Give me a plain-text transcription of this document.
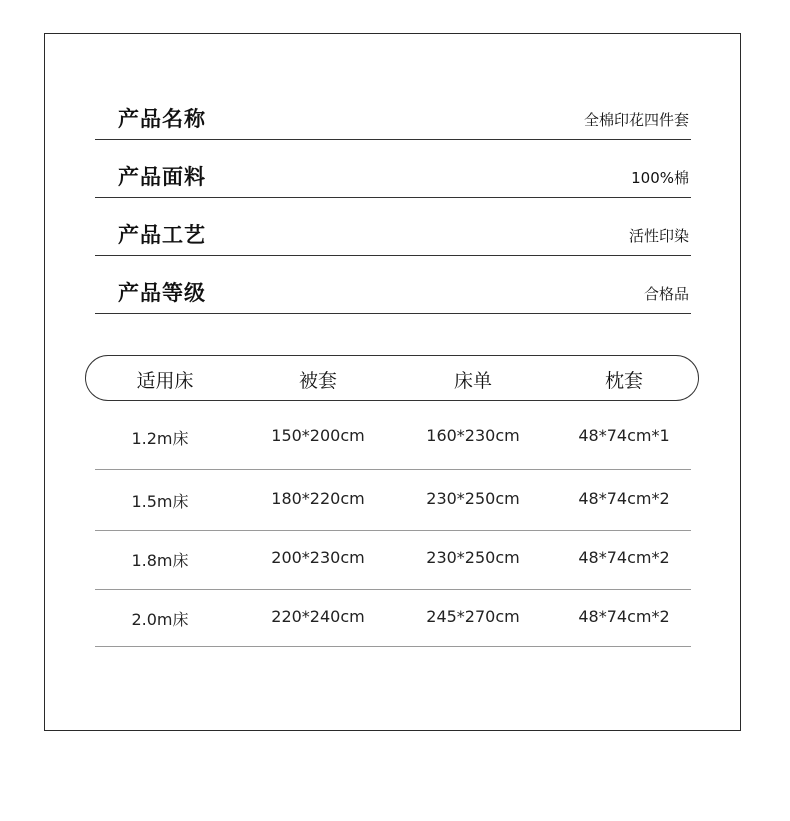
产品名称	全棉印花四件套
产品面料	100%棉
产品工艺	活性印染
产品等级	合格品
适用床	被套	床单	枕套
1.2m床	150*200cm	160*230cm	48*74cm*1
1.5m床	180*220cm	230*250cm	48*74cm*2
1.8m床	200*230cm	230*250cm	48*74cm*2
2.0m床	220*240cm	245*270cm	48*74cm*2
